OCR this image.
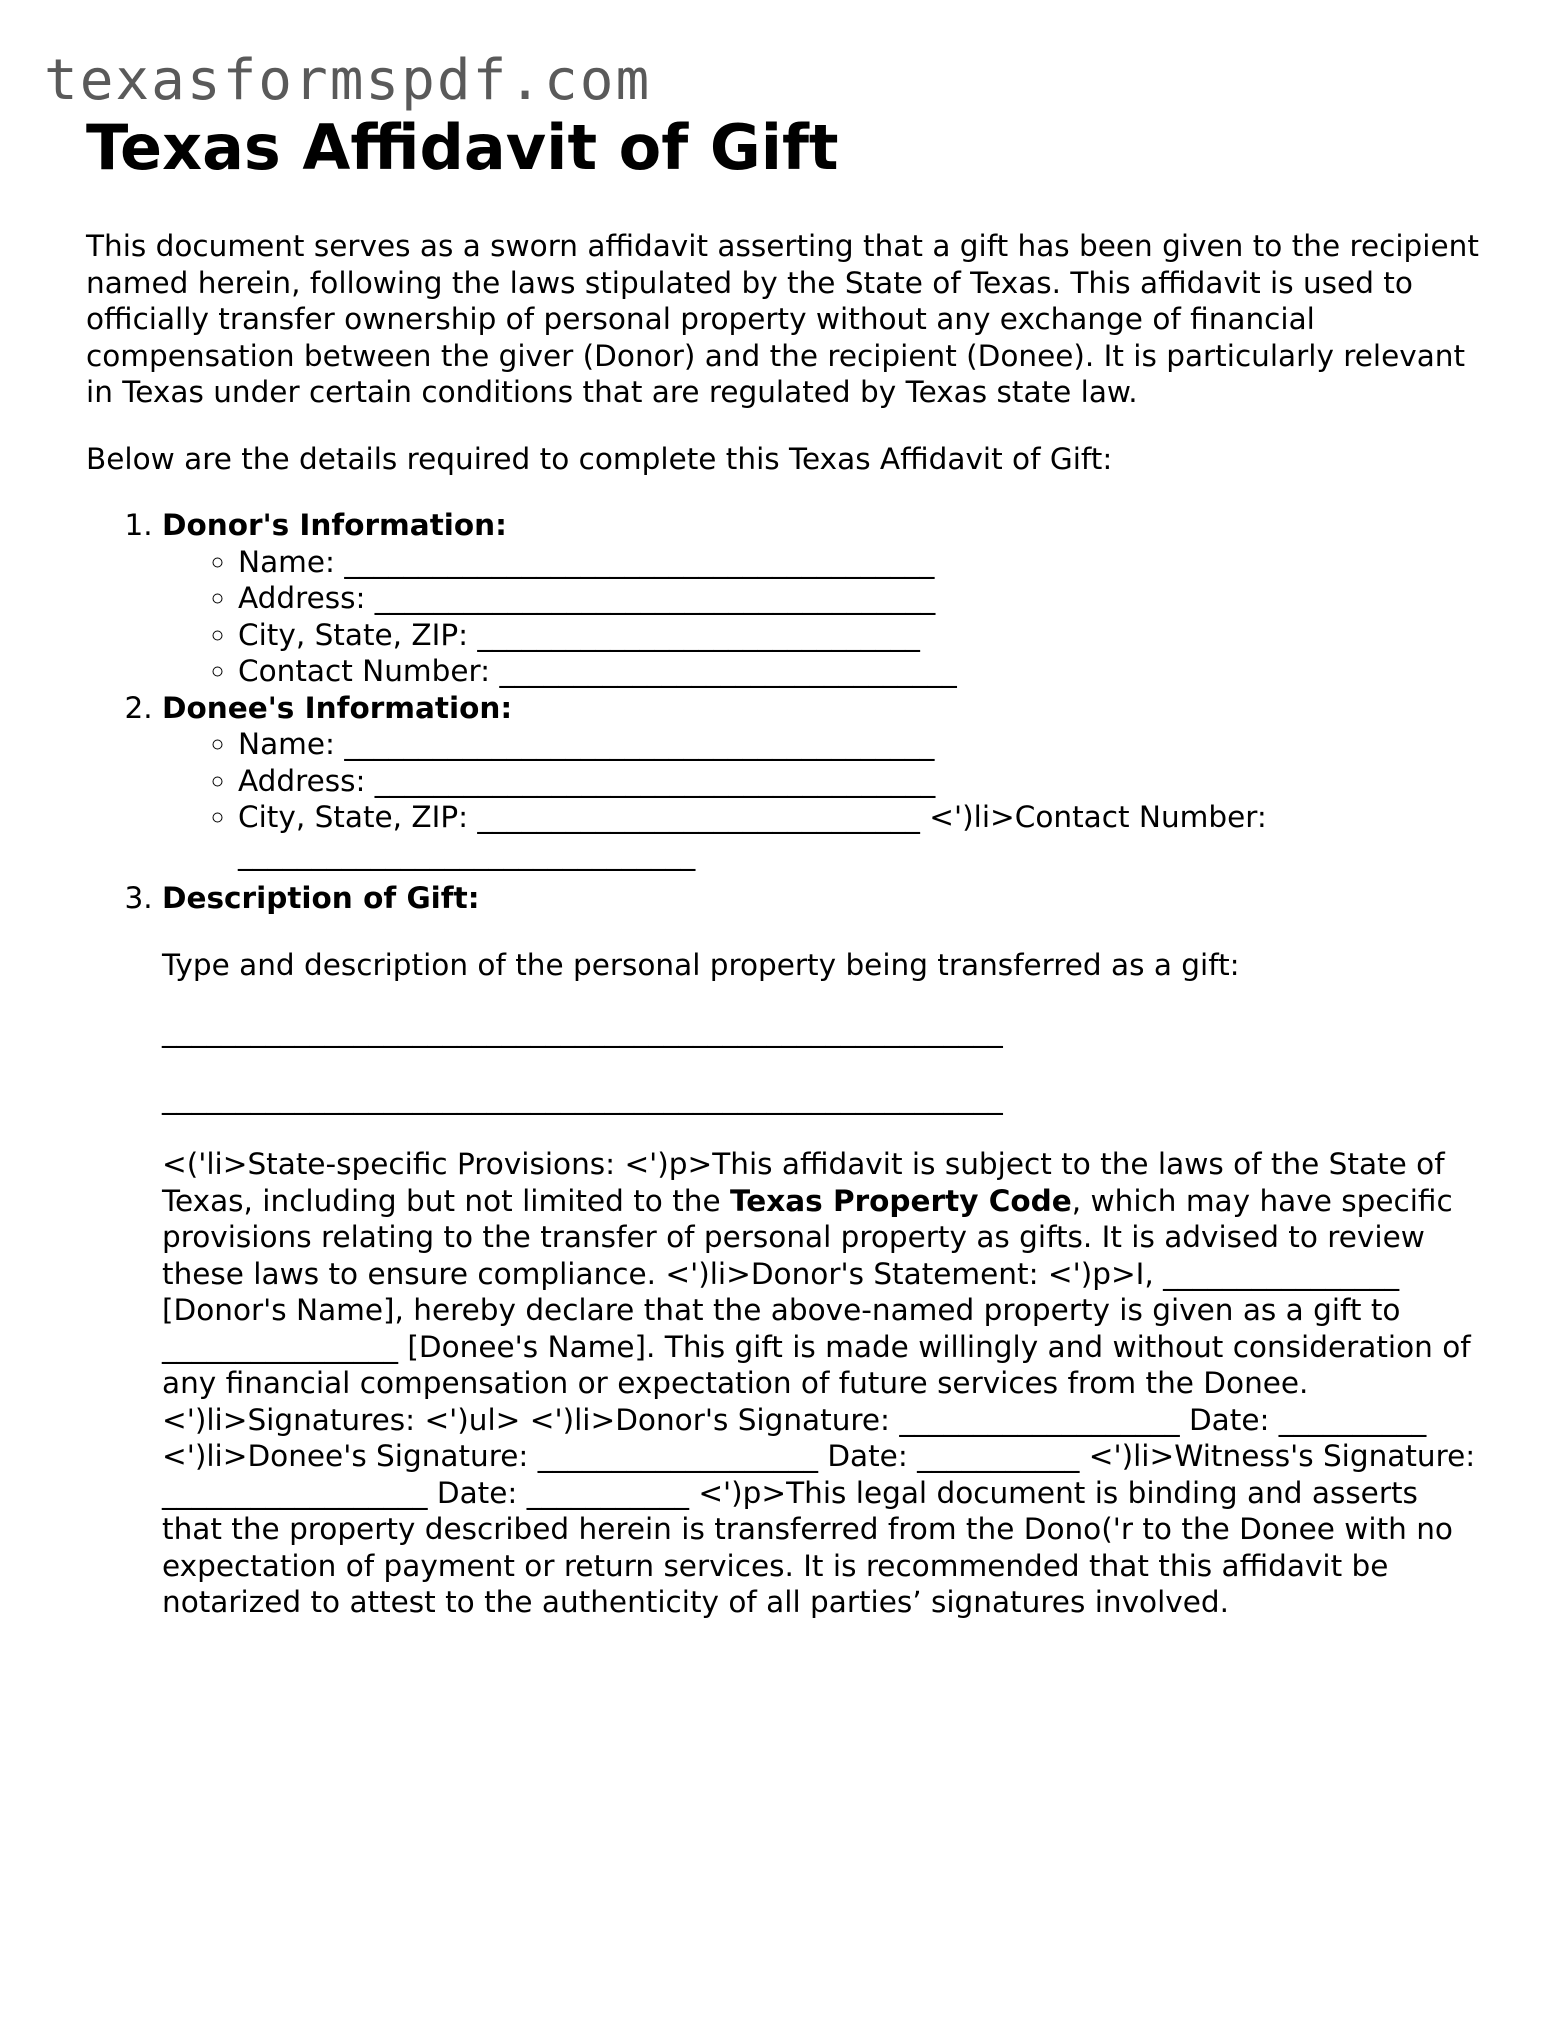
texasformspdf.com
Texas Affidavit of Gift

This document serves as a sworn affidavit asserting that a gift has been given to the recipient named herein, following the laws stipulated by the State of Texas. This affidavit is used to officially transfer ownership of personal property without any exchange of financial compensation between the giver (Donor) and the recipient (Donee). It is particularly relevant in Texas under certain conditions that are regulated by Texas state law.

Below are the details required to complete this Texas Affidavit of Gift:

1. Donor's Information:
◦ Name: ________________________________________
◦ Address: ______________________________________
◦ City, State, ZIP: ______________________________
◦ Contact Number: _______________________________
2. Donee's Information:
◦ Name: ________________________________________
◦ Address: ______________________________________
◦ City, State, ZIP: ______________________________ <')li>Contact Number: _______________________________
3. Description of Gift:

Type and description of the personal property being transferred as a gift:

_________________________________________________________

_________________________________________________________

<('li>State-specific Provisions: <')p>This affidavit is subject to the laws of the State of Texas, including but not limited to the Texas Property Code, which may have specific provisions relating to the transfer of personal property as gifts. It is advised to review these laws to ensure compliance. <')li>Donor's Statement: <')p>I, ________________ [Donor's Name], hereby declare that the above-named property is given as a gift to ________________ [Donee's Name]. This gift is made willingly and without consideration of any financial compensation or expectation of future services from the Donee. <')li>Signatures: <')ul> <')li>Donor's Signature: ___________________ Date: __________ <')li>Donee's Signature: ___________________ Date: ___________ <')li>Witness's Signature: __________________ Date: ___________ <')p>This legal document is binding and asserts that the property described herein is transferred from the Dono('r to the Donee with no expectation of payment or return services. It is recommended that this affidavit be notarized to attest to the authenticity of all parties’ signatures involved.
